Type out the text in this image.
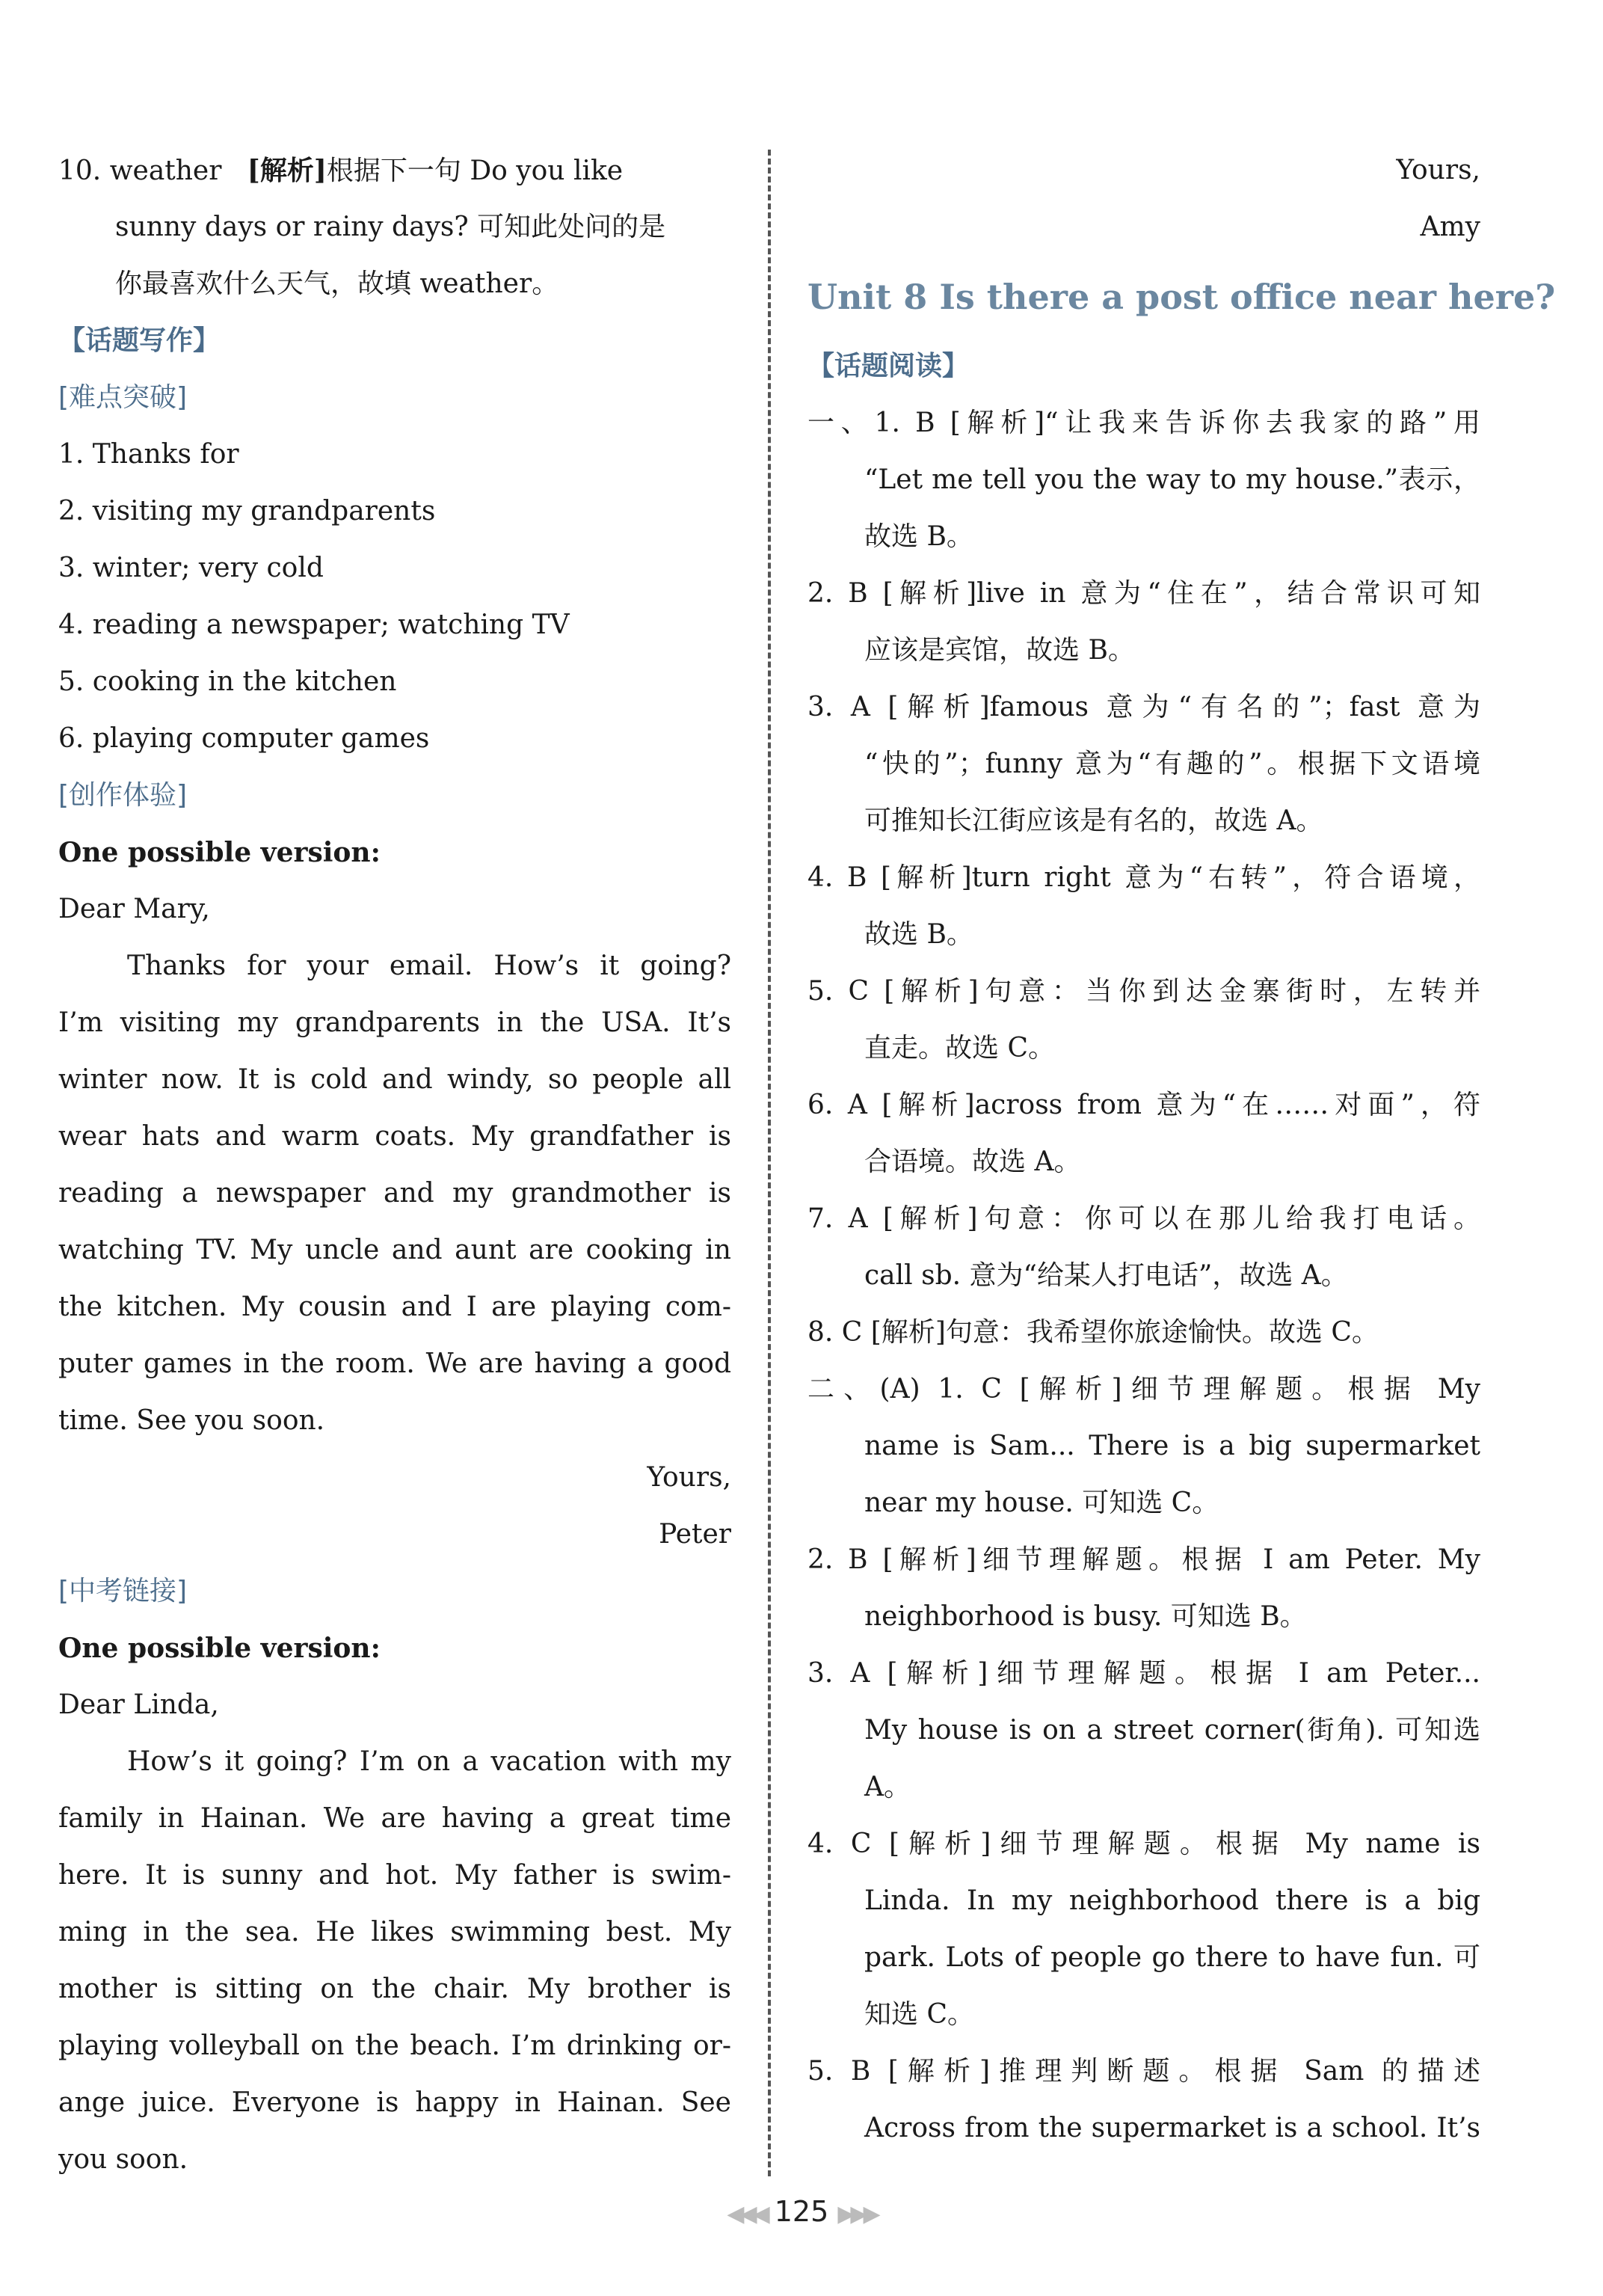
10. weather [解析]根据下一句 Do you like
sunny days or rainy days? 可知此处问的是
你最喜欢什么天气，故填 weather。
【话题写作】
[难点突破]
1. Thanks for
2. visiting my grandparents
3. winter; very cold
4. reading a newspaper; watching TV
5. cooking in the kitchen
6. playing computer games
[创作体验]
One possible version:
Dear Mary,
Thanks for your email. How’s it going?
I’m visiting my grandparents in the USA. It’s
winter now. It is cold and windy, so people all
wear hats and warm coats. My grandfather is
reading a newspaper and my grandmother is
watching TV. My uncle and aunt are cooking in
the kitchen. My cousin and I are playing com-
puter games in the room. We are having a good
time. See you soon.
Yours,
Peter
[中考链接]
One possible version:
Dear Linda,
How’s it going? I’m on a vacation with my
family in Hainan. We are having a great time
here. It is sunny and hot. My father is swim-
ming in the sea. He likes swimming best. My
mother is sitting on the chair. My brother is
playing volleyball on the beach. I’m drinking or-
ange juice. Everyone is happy in Hainan. See
you soon.
Yours,
Amy
Unit 8 Is there a post office near here?
【话题阅读】
一、1. B [解析]“让我来告诉你去我家的路”用
“Let me tell you the way to my house.”表示，
故选 B。
2. B [解析]live in 意为“住在”，结合常识可知
应该是宾馆，故选 B。
3. A [解析]famous 意为“有名的”；fast 意为
“快的”；funny 意为“有趣的”。根据下文语境
可推知长江街应该是有名的，故选 A。
4. B [解析]turn right 意为“右转”，符合语境，
故选 B。
5. C [解析]句意：当你到达金寨街时，左转并
直走。故选 C。
6. A [解析]across from 意为“在……对面”，符
合语境。故选 A。
7. A [解析]句意：你可以在那儿给我打电话。
call sb. 意为“给某人打电话”，故选 A。
8. C [解析]句意：我希望你旅途愉快。故选 C。
二、(A) 1. C [解析]细节理解题。根据 My
name is Sam... There is a big supermarket
near my house. 可知选 C。
2. B [解析]细节理解题。根据 I am Peter. My
neighborhood is busy. 可知选 B。
3. A [解析]细节理解题。根据 I am Peter...
My house is on a street corner(街角). 可知选
A。
4. C [解析]细节理解题。根据 My name is
Linda. In my neighborhood there is a big
park. Lots of people go there to have fun. 可
知选 C。
5. B [解析]推理判断题。根据 Sam 的描述
Across from the supermarket is a school. It’s
◀◀◀ 125 ▶▶▶
